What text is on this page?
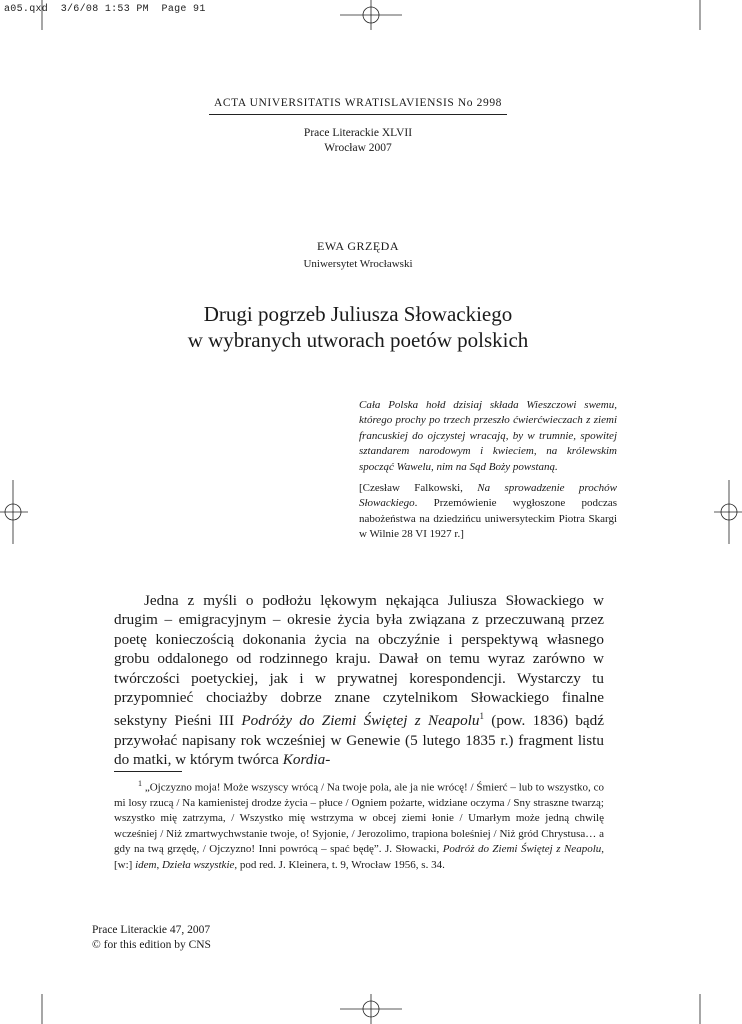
a05.qxd  3/6/08 1:53 PM  Page 91
ACTA UNIVERSITATIS WRATISLAVIENSIS No 2998
Prace Literackie XLVII
Wrocław 2007
EWA GRZĘDA
Uniwersytet Wrocławski
Drugi pogrzeb Juliusza Słowackiego
w wybranych utworach poetów polskich

Cała Polska hołd dzisiaj składa Wieszczowi swemu, którego prochy po trzech przeszło ćwierćwieczach z ziemi francuskiej do ojczystej wracają, by w trumnie, spowitej sztandarem narodowym i kwieciem, na królewskim spocząć Wawelu, nim na Sąd Boży powstaną.

[Czesław Falkowski, Na sprowadzenie prochów Słowackiego. Przemówienie wygłoszone podczas nabożeństwa na dziedzińcu uniwersyteckim Piotra Skargi w Wilnie 28 VI 1927 r.]

Jedna z myśli o podłożu lękowym nękająca Juliusza Słowackiego w drugim – emigracyjnym – okresie życia była związana z przeczuwaną przez poetę konieczością dokonania życia na obczyźnie i perspektywą własnego grobu oddalonego od rodzinnego kraju. Dawał on temu wyraz zarówno w twórczości poetyckiej, jak i w prywatnej korespondencji. Wystarczy tu przypomnieć chociażby dobrze znane czytelnikom Słowackiego finalne sekstyny Pieśni III Podróży do Ziemi Świętej z Neapolu$^1$ (pow. 1836) bądź przywołać napisany rok wcześniej w Genewie (5 lutego 1835 r.) fragment listu do matki, w którym twórca Kordia-

$^1$ „Ojczyzno moja! Może wszyscy wrócą / Na twoje pola, ale ja nie wrócę! / Śmierć – lub to wszystko, co mi losy rzucą / Na kamienistej drodze życia – płuce / Ogniem pożarte, widziane oczyma / Sny straszne twarzą; wszystko mię zatrzyma, / Wszystko mię wstrzyma w obcej ziemi łonie / Umarłym może jedną chwilę wcześniej / Niż zmartwychwstanie twoje, o! Syjonie, / Jerozolimo, trapiona boleśniej / Niż gród Chrystusa… a gdy na twą grzędę, / Ojczyzno! Inni powrócą – spać będę”. J. Słowacki, Podróż do Ziemi Świętej z Neapolu, [w:] idem, Dzieła wszystkie, pod red. J. Kleinera, t. 9, Wrocław 1956, s. 34.

Prace Literackie 47, 2007
© for this edition by CNS
